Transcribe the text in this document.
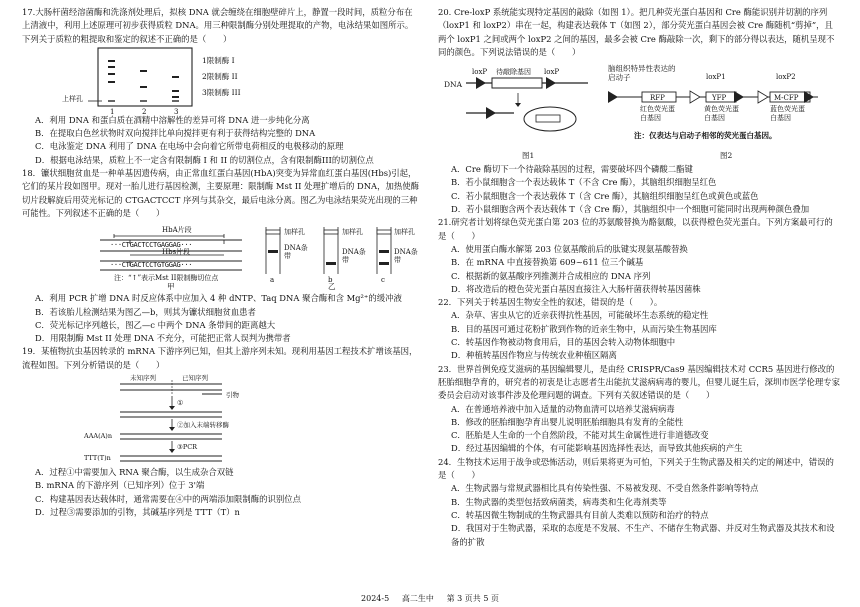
17.大肠杆菌经溶菌酶和洗涤剂处理后，拟核 DNA 就会缠绕在细胞壁碎片上，静置一段时间，质粒分布在上清液中，利用上述原理可初步获得质粒 DNA。用三种限制酶分别处理提取的产物，电泳结果如图所示。下列关于质粒的粗提取和鉴定的叙述不正确的是（　　）

上样孔
1	2	3
1限制酶 I
2限制酶 II
3限制酶 III

A．利用 DNA 和蛋白质在酒精中溶解性的差异可将 DNA 进一步纯化分离

B．在提取白色丝状物时双向搅拌比单向搅拌更有利于获得结构完整的 DNA

C．电泳鉴定 DNA 利用了 DNA 在电场中会向着它所带电荷相反的电极移动的原理

D．根据电泳结果，质粒上不一定含有限制酶 I 和 II 的切割位点，含有限制酶III的切割位点

18．镰状细胞贫血是一种单基因遗传病，由正常血红蛋白基因(HbA)突变为异常血红蛋白基因(Hbs)引起，它们的某片段如图甲。现对一胎儿进行基因检测，主要原理：限制酶 Mst II 处理扩增后的 DNA，加热使酶切片段解旋后用荧光标记的 CTGACTCCT 序列与其杂交，最后电泳分离。图乙为电泳结果荧光出现的三种可能性。下列叙述不正确的是（　　）

HbA片段
···CTGACTCCTGAGGAG···
Hbs片段
···CTGACTCCTGTGGAG···
注：“↑”表示Mst II限制酶切位点
甲
加样孔
DNA条带
加样孔
DNA条带
加样孔
DNA条带
a	b	c
乙

A．利用 PCR 扩增 DNA 时反应体系中应加入 4 种 dNTP、Taq DNA 聚合酶和含 Mg²⁺的缓冲液

B．若该胎儿检测结果为图乙—b，则其为镰状细胞贫血患者

C．荧光标记序列越长，图乙—c 中两个 DNA 条带间的距离越大

D．用限制酶 Mst II 处理 DNA 不充分，可能把正常人误判为携带者

19．某植物抗虫基因转录的 mRNA 下游序列已知，但其上游序列未知。现利用基因工程技术扩增该基因，流程如图。下列分析错误的是（　　）

未知序列	已知序列
引物
①
②加入末端转移酶
③PCR
AAA(A)n
TTT(T)n

A．过程①中需要加入 RNA 聚合酶，以生成杂合双链

B. mRNA 的下游序列（已知序列）位于 3'端

C．构建基因表达载体时，通常需要在④中的两端添加限制酶的识别位点

D．过程③需要添加的引物，其碱基序列是 TTT（T）n

20. Cre-loxP 系统能实现特定基因的敲除（如图 1）。把几种荧光蛋白基因和 Cre 酶能识别并切割的序列（loxP1 和 loxP2）串在一起，构建表达载体 T（如图 2），部分荧光蛋白基因会被 Cre 酶随机“剪掉”，且两个 loxP1 之间或两个 loxP2 之间的基因，最多会被 Cre 酶敲除一次，剩下的部分得以表达，随机呈现不同的颜色。下列说法错误的是（　　）

DNA
loxP 待敲除基因 loxP
图1
脑组织特异性表达的启动子	loxP1	loxP2
RFP	YFP	M-CFP
红色荧光蛋白基因
黄色荧光蛋白基因
蓝色荧光蛋白基因
注：仅表达与启动子相邻的荧光蛋白基因。
图2

A．Cre 酶切下一个待敲除基因的过程，需要破坏四个磷酸二酯键

B．若小鼠细胞含一个表达载体 T（不含 Cre 酶），其脑组织细胞呈红色

C．若小鼠细胞含一个表达载体 T（含 Cre 酶），其脑组织细胞呈红色或黄色或蓝色

D．若小鼠细胞含两个表达载体 T（含 Cre 酶），其脑组织中一个细胞可能同时出现两种颜色叠加

21.研究者计划将绿色荧光蛋白第 203 位的苏氨酸替换为酪氨酸，以获得橙色荧光蛋白。下列方案最可行的是（　　）

A．使用蛋白酶水解第 203 位氨基酸前后的肽键实现氨基酸替换

B．在 mRNA 中直接替换第 609~611 位三个碱基

C．根据新的氨基酸序列推测并合成相应的 DNA 序列

D．将改造后的橙色荧光蛋白基因直接注入大肠杆菌获得转基因菌株

22．下列关于转基因生物安全性的叙述，错误的是（　　）。

A．杂草、害虫从它的近亲获得抗性基因，可能破坏生态系统的稳定性

B．目的基因可通过花粉扩散到作物的近亲生物中，从而污染生物基因库

C．转基因作物被动物食用后，目的基因会转入动物体细胞中

D．种植转基因作物应与传统农业种植区隔离

23．世界首例免疫艾滋病的基因编辑婴儿，是由经 CRISPR/Cas9 基因编辑技术对 CCR5 基因进行修改的胚胎细胞孕育的，研究者的初衷是让志愿者生出能抗艾滋病病毒的婴儿，但婴儿诞生后，深圳市医学伦理专家委员会启动对该事件涉及伦理问题的调查。下列有关叙述错误的是（　　）

A．在普通培养液中加入适量的动物血清可以培养艾滋病病毒

B．修改的胚胎细胞孕育出婴儿说明胚胎细胞具有发育的全能性

C．胚胎是人生命的一个自然阶段，不能对其生命属性进行非道德改变

D．经过基因编辑的个体，有可能影响基因选择性表达，而导致其他疾病的产生

24．生物技术运用于战争或恐怖活动，则后果将更为可怕，下列关于生物武器及相关约定的阐述中，错误的是（　　）

A．生物武器与常规武器相比具有传染性强、不易被发现、不受自然条件影响等特点

B．生物武器的类型包括致病菌类，病毒类和生化毒剂类等

C．转基因微生物制成的生物武器具有目前人类难以预防和治疗的特点

D．我国对于生物武器，采取的态度是不发展、不生产、不储存生物武器、并反对生物武器及其技术和设备的扩散

2024-5 高二生中 第 3 页共 5 页
